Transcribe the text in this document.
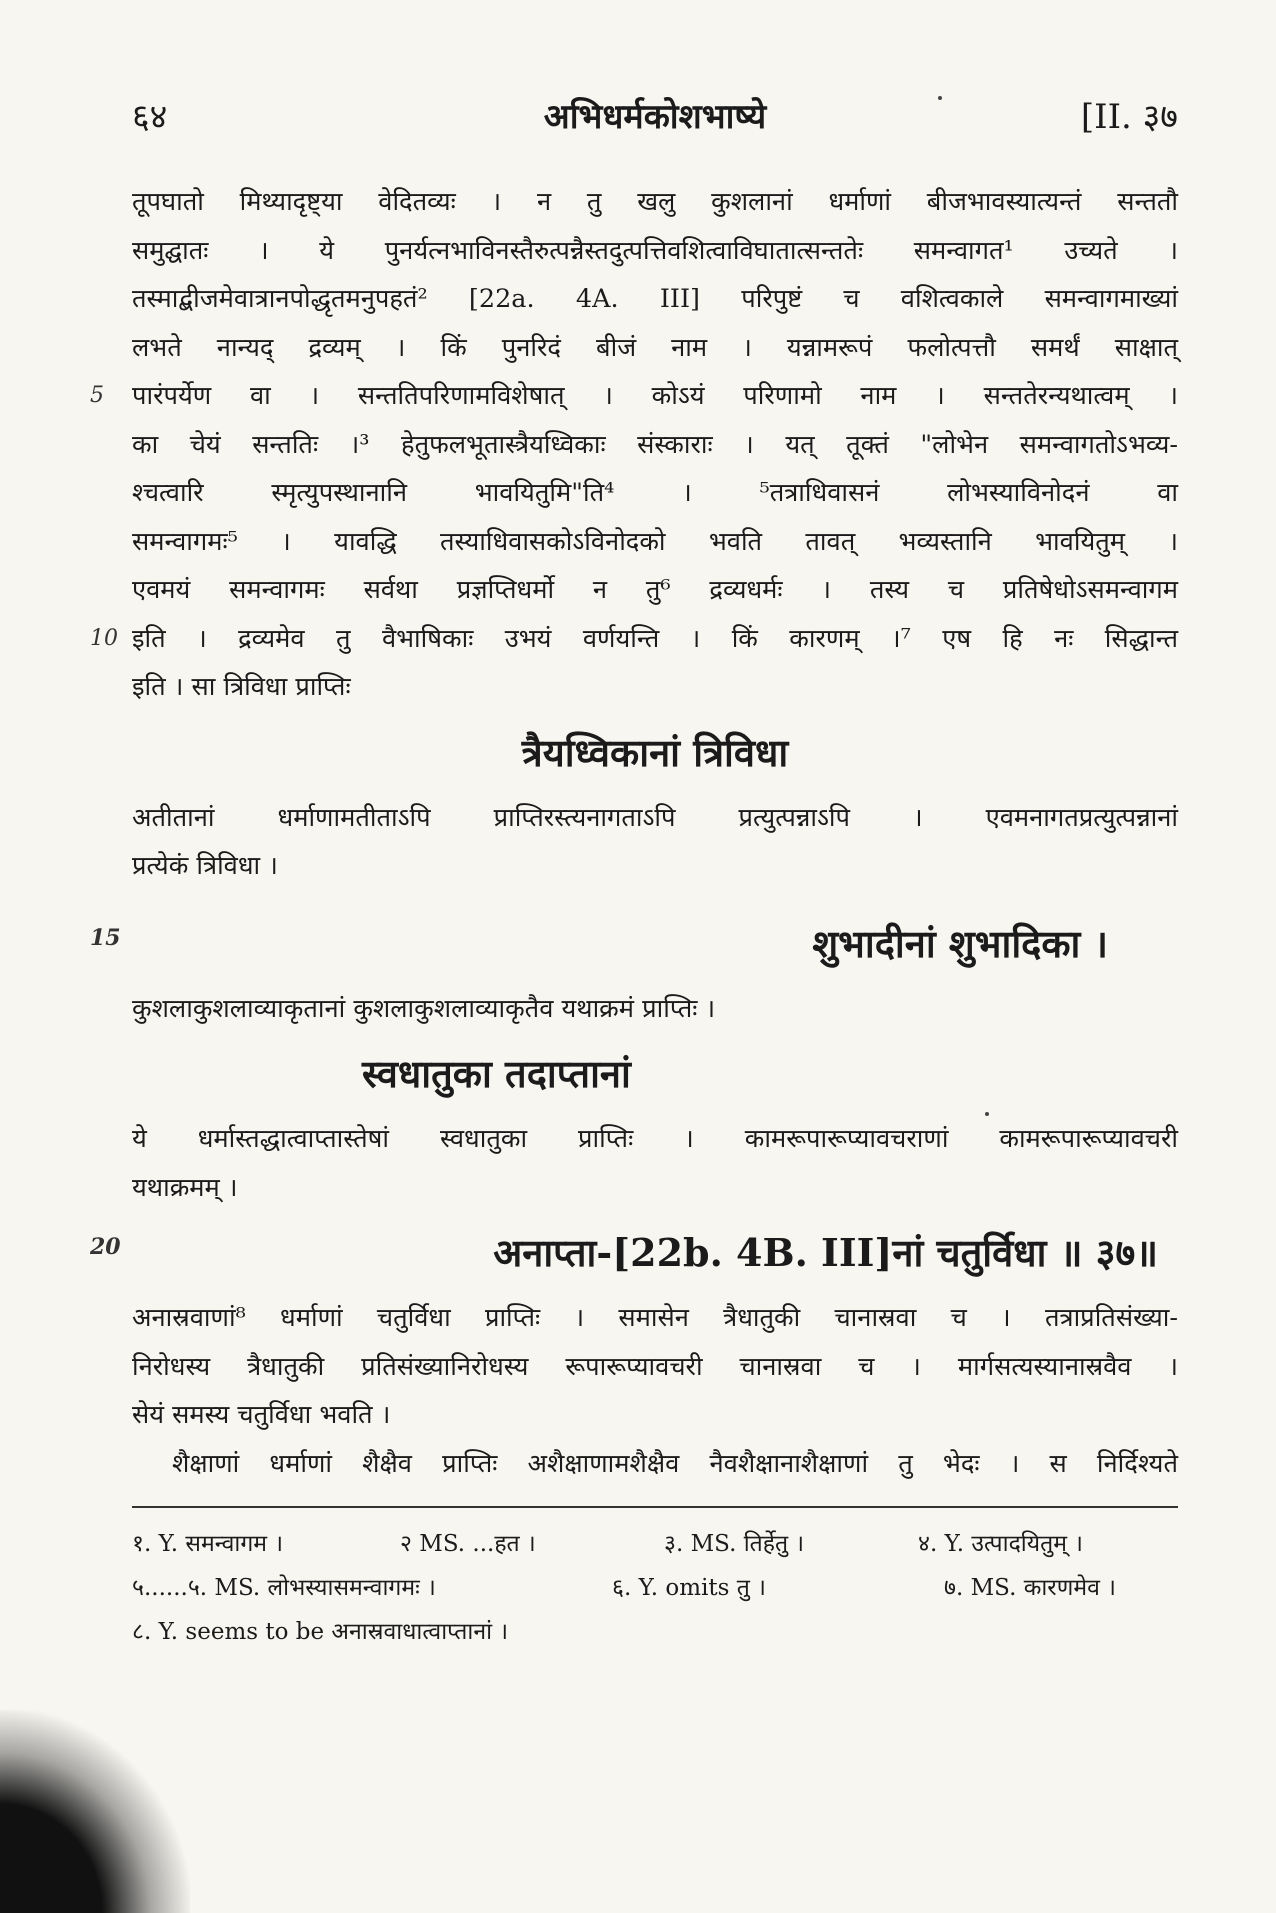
६४	अभिधर्मकोशभाष्ये	[II. ३७
तूपघातो मिथ्यादृष्ट्या वेदितव्यः । न तु खलु कुशलानां धर्माणां बीजभावस्यात्यन्तं सन्ततौ
समुद्घातः । ये पुनर्यत्नभाविनस्तैरुत्पन्नैस्तदुत्पत्तिवशित्वाविघातात्सन्ततेः समन्वागत¹ उच्यते ।
तस्माद्बीजमेवात्रानपोद्धृतमनुपहतं² [22a. 4A. III] परिपुष्टं च वशित्वकाले समन्वागमाख्यां
लभते नान्यद् द्रव्यम् । किं पुनरिदं बीजं नाम । यन्नामरूपं फलोत्पत्तौ समर्थं साक्षात्
5 पारंपर्येण वा । सन्ततिपरिणामविशेषात् । कोऽयं परिणामो नाम । सन्ततेरन्यथात्वम् ।
का चेयं सन्ततिः ।³ हेतुफलभूतास्त्रैयध्विकाः संस्काराः । यत् तूक्तं "लोभेन समन्वागतोऽभव्य-
श्चत्वारि स्मृत्युपस्थानानि भावयितुमि"ति⁴ । ⁵तत्राधिवासनं लोभस्याविनोदनं वा
समन्वागमः⁵ । यावद्धि तस्याधिवासकोऽविनोदको भवति तावत् भव्यस्तानि भावयितुम् ।
एवमयं समन्वागमः सर्वथा प्रज्ञप्तिधर्मो न तु⁶ द्रव्यधर्मः । तस्य च प्रतिषेधोऽसमन्वागम
10 इति । द्रव्यमेव तु वैभाषिकाः उभयं वर्णयन्ति । किं कारणम् ।⁷ एष हि नः सिद्धान्त
इति । सा त्रिविधा प्राप्तिः
त्रैयध्विकानां त्रिविधा
अतीतानां धर्माणामतीताऽपि प्राप्तिरस्त्यनागताऽपि प्रत्युत्पन्नाऽपि । एवमनागतप्रत्युत्पन्नानां
प्रत्येकं त्रिविधा ।
15	शुभादीनां शुभादिका ।
कुशलाकुशलाव्याकृतानां कुशलाकुशलाव्याकृतैव यथाक्रमं प्राप्तिः ।
स्वधातुका तदाप्तानां
ये धर्मास्तद्धात्वाप्तास्तेषां स्वधातुका प्राप्तिः । कामरूपारूप्यावचराणां कामरूपारूप्यावचरी
यथाक्रमम् ।
20	अनाप्ता-[22b. 4B. III]नां चतुर्विधा ॥ ३७॥
अनास्रवाणां⁸ धर्माणां चतुर्विधा प्राप्तिः । समासेन त्रैधातुकी चानास्रवा च । तत्राप्रतिसंख्या-
निरोधस्य त्रैधातुकी प्रतिसंख्यानिरोधस्य रूपारूप्यावचरी चानास्रवा च । मार्गसत्यस्यानास्रवैव ।
सेयं समस्य चतुर्विधा भवति ।
शैक्षाणां धर्माणां शैक्षैव प्राप्तिः अशैक्षाणामशैक्षैव नैवशैक्षानाशैक्षाणां तु भेदः । स निर्दिश्यते
१. Y. समन्वागम ।	२ MS. ...हत ।	३. MS. तिर्हेतु ।	४. Y. उत्पादयितुम् ।
५......५. MS. लोभस्यासमन्वागमः ।	६. Y. omits तु ।	७. MS. कारणमेव ।
८. Y. seems to be अनास्रवाधात्वाप्तानां ।
